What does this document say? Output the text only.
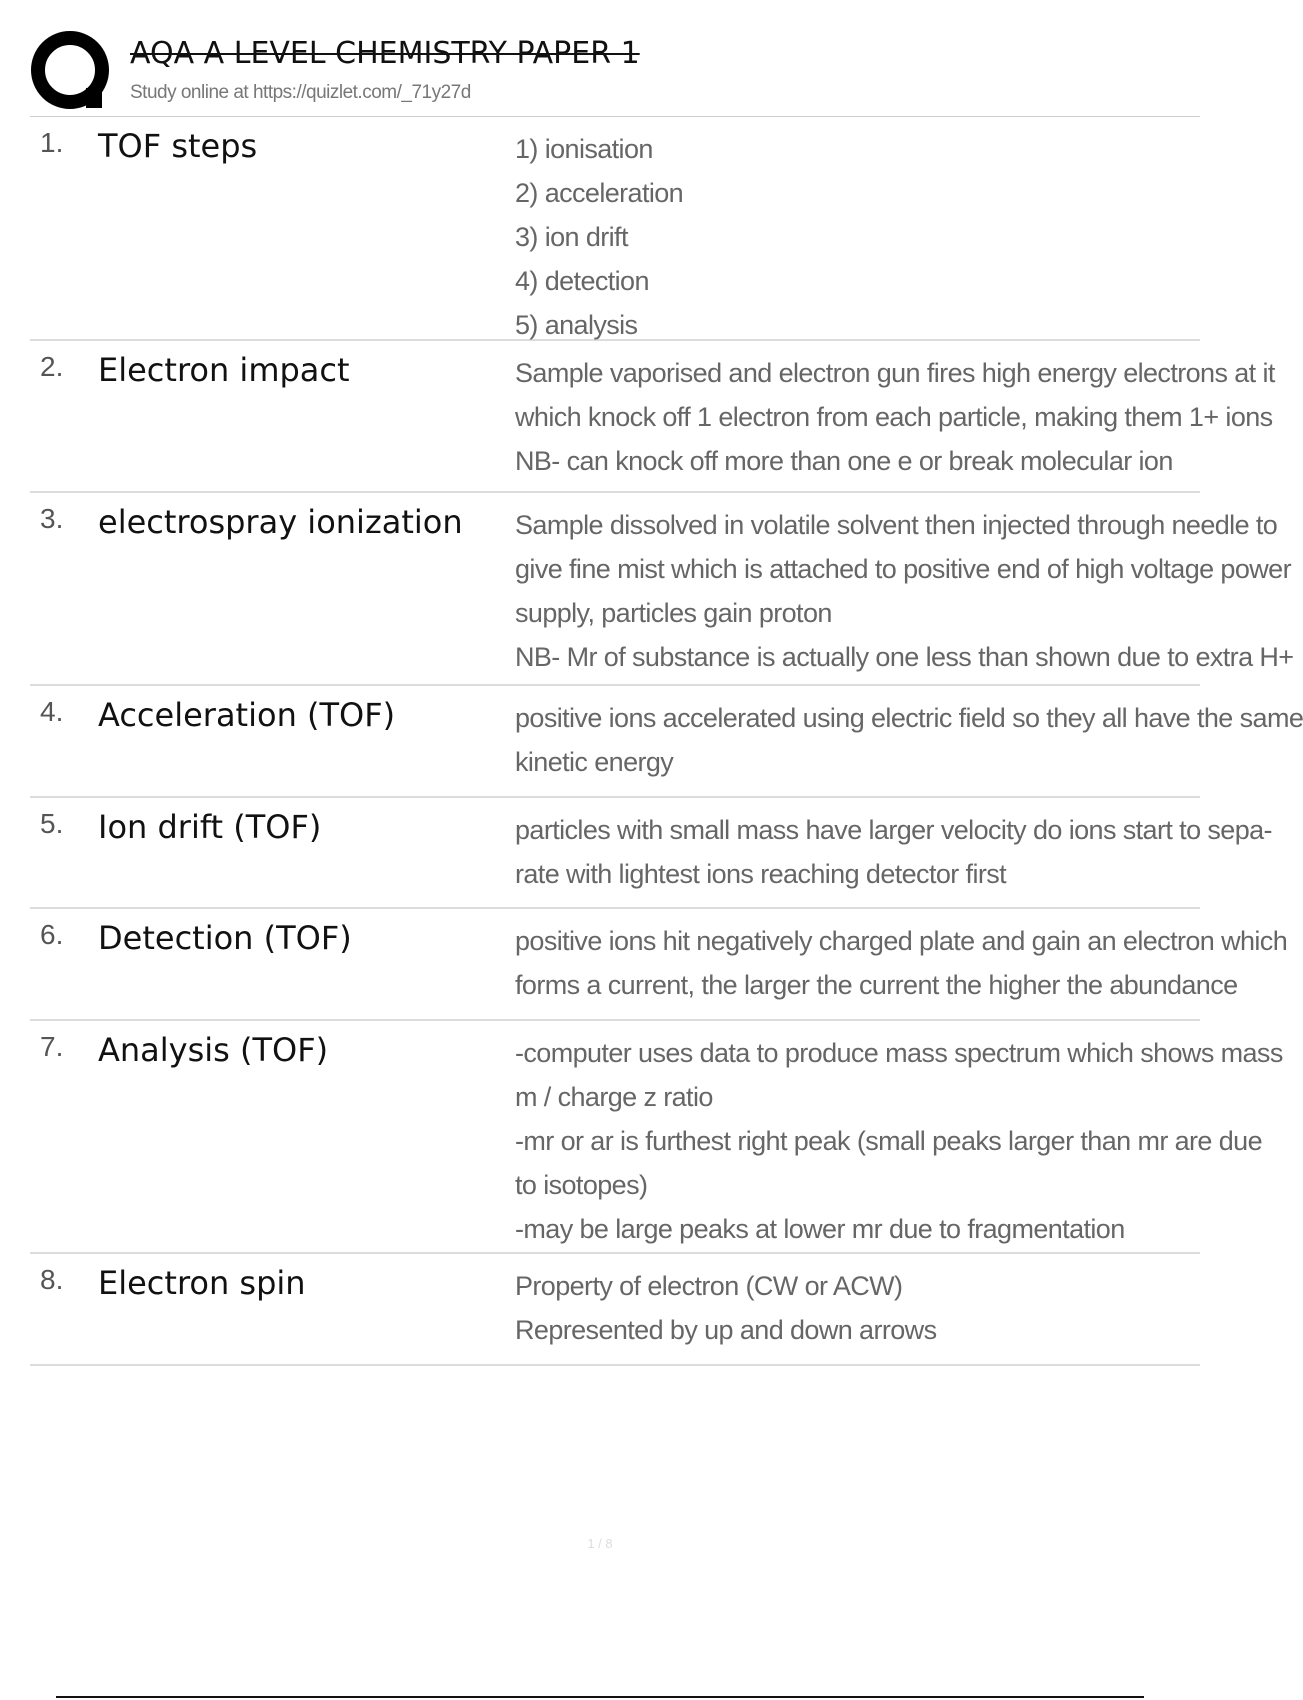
AQA A LEVEL CHEMISTRY PAPER 1
Study online at https://quizlet.com/_71y27d
1.	TOF steps	1) ionisation
2) acceleration
3) ion drift
4) detection
5) analysis
2.	Electron impact	Sample vaporised and electron gun fires high energy electrons at it
which knock off 1 electron from each particle, making them 1+ ions
NB- can knock off more than one e or break molecular ion
3.	electrospray ionization	Sample dissolved in volatile solvent then injected through needle to
give fine mist which is attached to positive end of high voltage power
supply, particles gain proton
NB- Mr of substance is actually one less than shown due to extra H+
4.	Acceleration (TOF)	positive ions accelerated using electric field so they all have the same
kinetic energy
5.	Ion drift (TOF)	particles with small mass have larger velocity do ions start to sepa-
rate with lightest ions reaching detector first
6.	Detection (TOF)	positive ions hit negatively charged plate and gain an electron which
forms a current, the larger the current the higher the abundance
7.	Analysis (TOF)	-computer uses data to produce mass spectrum which shows mass
m / charge z ratio
-mr or ar is furthest right peak (small peaks larger than mr are due
to isotopes)
-may be large peaks at lower mr due to fragmentation
8.	Electron spin	Property of electron (CW or ACW)
Represented by up and down arrows
1 / 8
